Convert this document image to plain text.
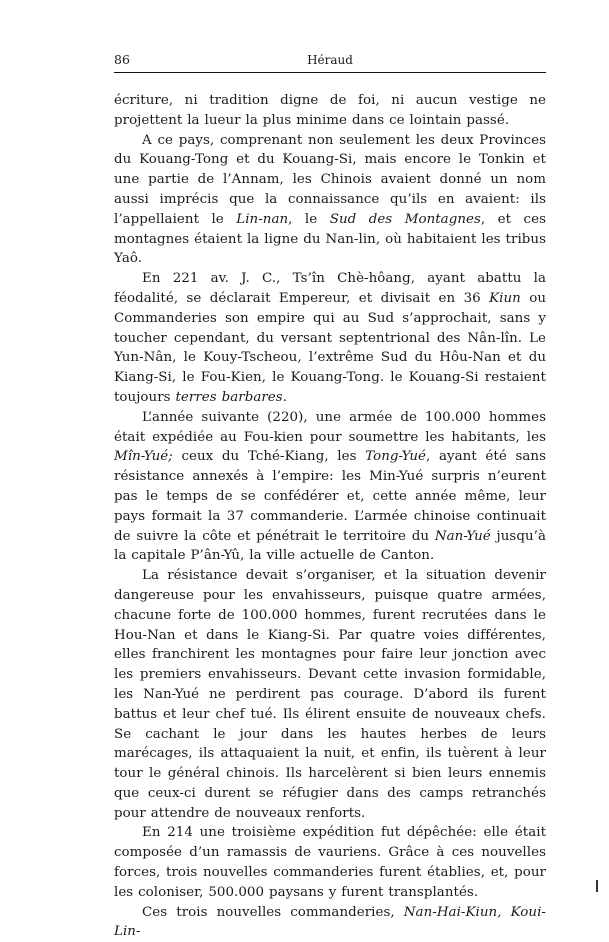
86	Héraud

écriture, ni tradition digne de foi, ni aucun vestige ne projettent la lueur la plus minime dans ce lointain passé.

A ce pays, comprenant non seulement les deux Provinces du Kouang-Tong et du Kouang-Si, mais encore le Tonkin et une partie de l’Annam, les Chinois avaient donné un nom aussi imprécis que la connaissance qu’ils en avaient: ils l’appellaient le Lin-nan, le Sud des Montagnes, et ces montagnes étaient la ligne du Nan-lin, où habitaient les tribus Yaô.

En 221 av. J. C., Ts’în Chè-hôang, ayant abattu la féodalité, se déclarait Empereur, et divisait en 36 Kiun ou Commanderies son empire qui au Sud s’approchait, sans y toucher cependant, du versant septentrional des Nân-lîn. Le Yun-Nân, le Kouy-Tscheou, l’extrême Sud du Hôu-Nan et du Kiang-Si, le Fou-Kien, le Kouang-Tong. le Kouang-Si restaient toujours terres barbares.

L’année suivante (220), une armée de 100.000 hommes était expédiée au Fou-kien pour soumettre les habitants, les Mîn-Yué; ceux du Tché-Kiang, les Tong-Yué, ayant été sans résistance annexés à l’empire: les Min-Yué surpris n’eurent pas le temps de se confédérer et, cette année même, leur pays formait la 37 commanderie. L’armée chinoise continuait de suivre la côte et pénétrait le territoire du Nan-Yué jusqu’à la capitale P’ân-Yû, la ville actuelle de Canton.

La résistance devait s’organiser, et la situation devenir dangereuse pour les envahisseurs, puisque quatre armées, chacune forte de 100.000 hommes, furent recrutées dans le Hou-Nan et dans le Kiang-Si. Par quatre voies différentes, elles franchirent les montagnes pour faire leur jonction avec les premiers envahisseurs. Devant cette invasion formidable, les Nan-Yué ne perdirent pas courage. D’abord ils furent battus et leur chef tué. Ils élirent ensuite de nouveaux chefs. Se cachant le jour dans les hautes herbes de leurs marécages, ils attaquaient la nuit, et enfin, ils tuèrent à leur tour le général chinois. Ils harcelèrent si bien leurs ennemis que ceux-ci durent se réfugier dans des camps retranchés pour attendre de nouveaux renforts.

En 214 une troisième expédition fut dépêchée: elle était composée d’un ramassis de vauriens. Grâce à ces nouvelles forces, trois nouvelles commanderies furent établies, et, pour les coloniser, 500.000 paysans y furent transplantés.

Ces trois nouvelles commanderies, Nan-Hai-Kiun, Koui-Lin-
